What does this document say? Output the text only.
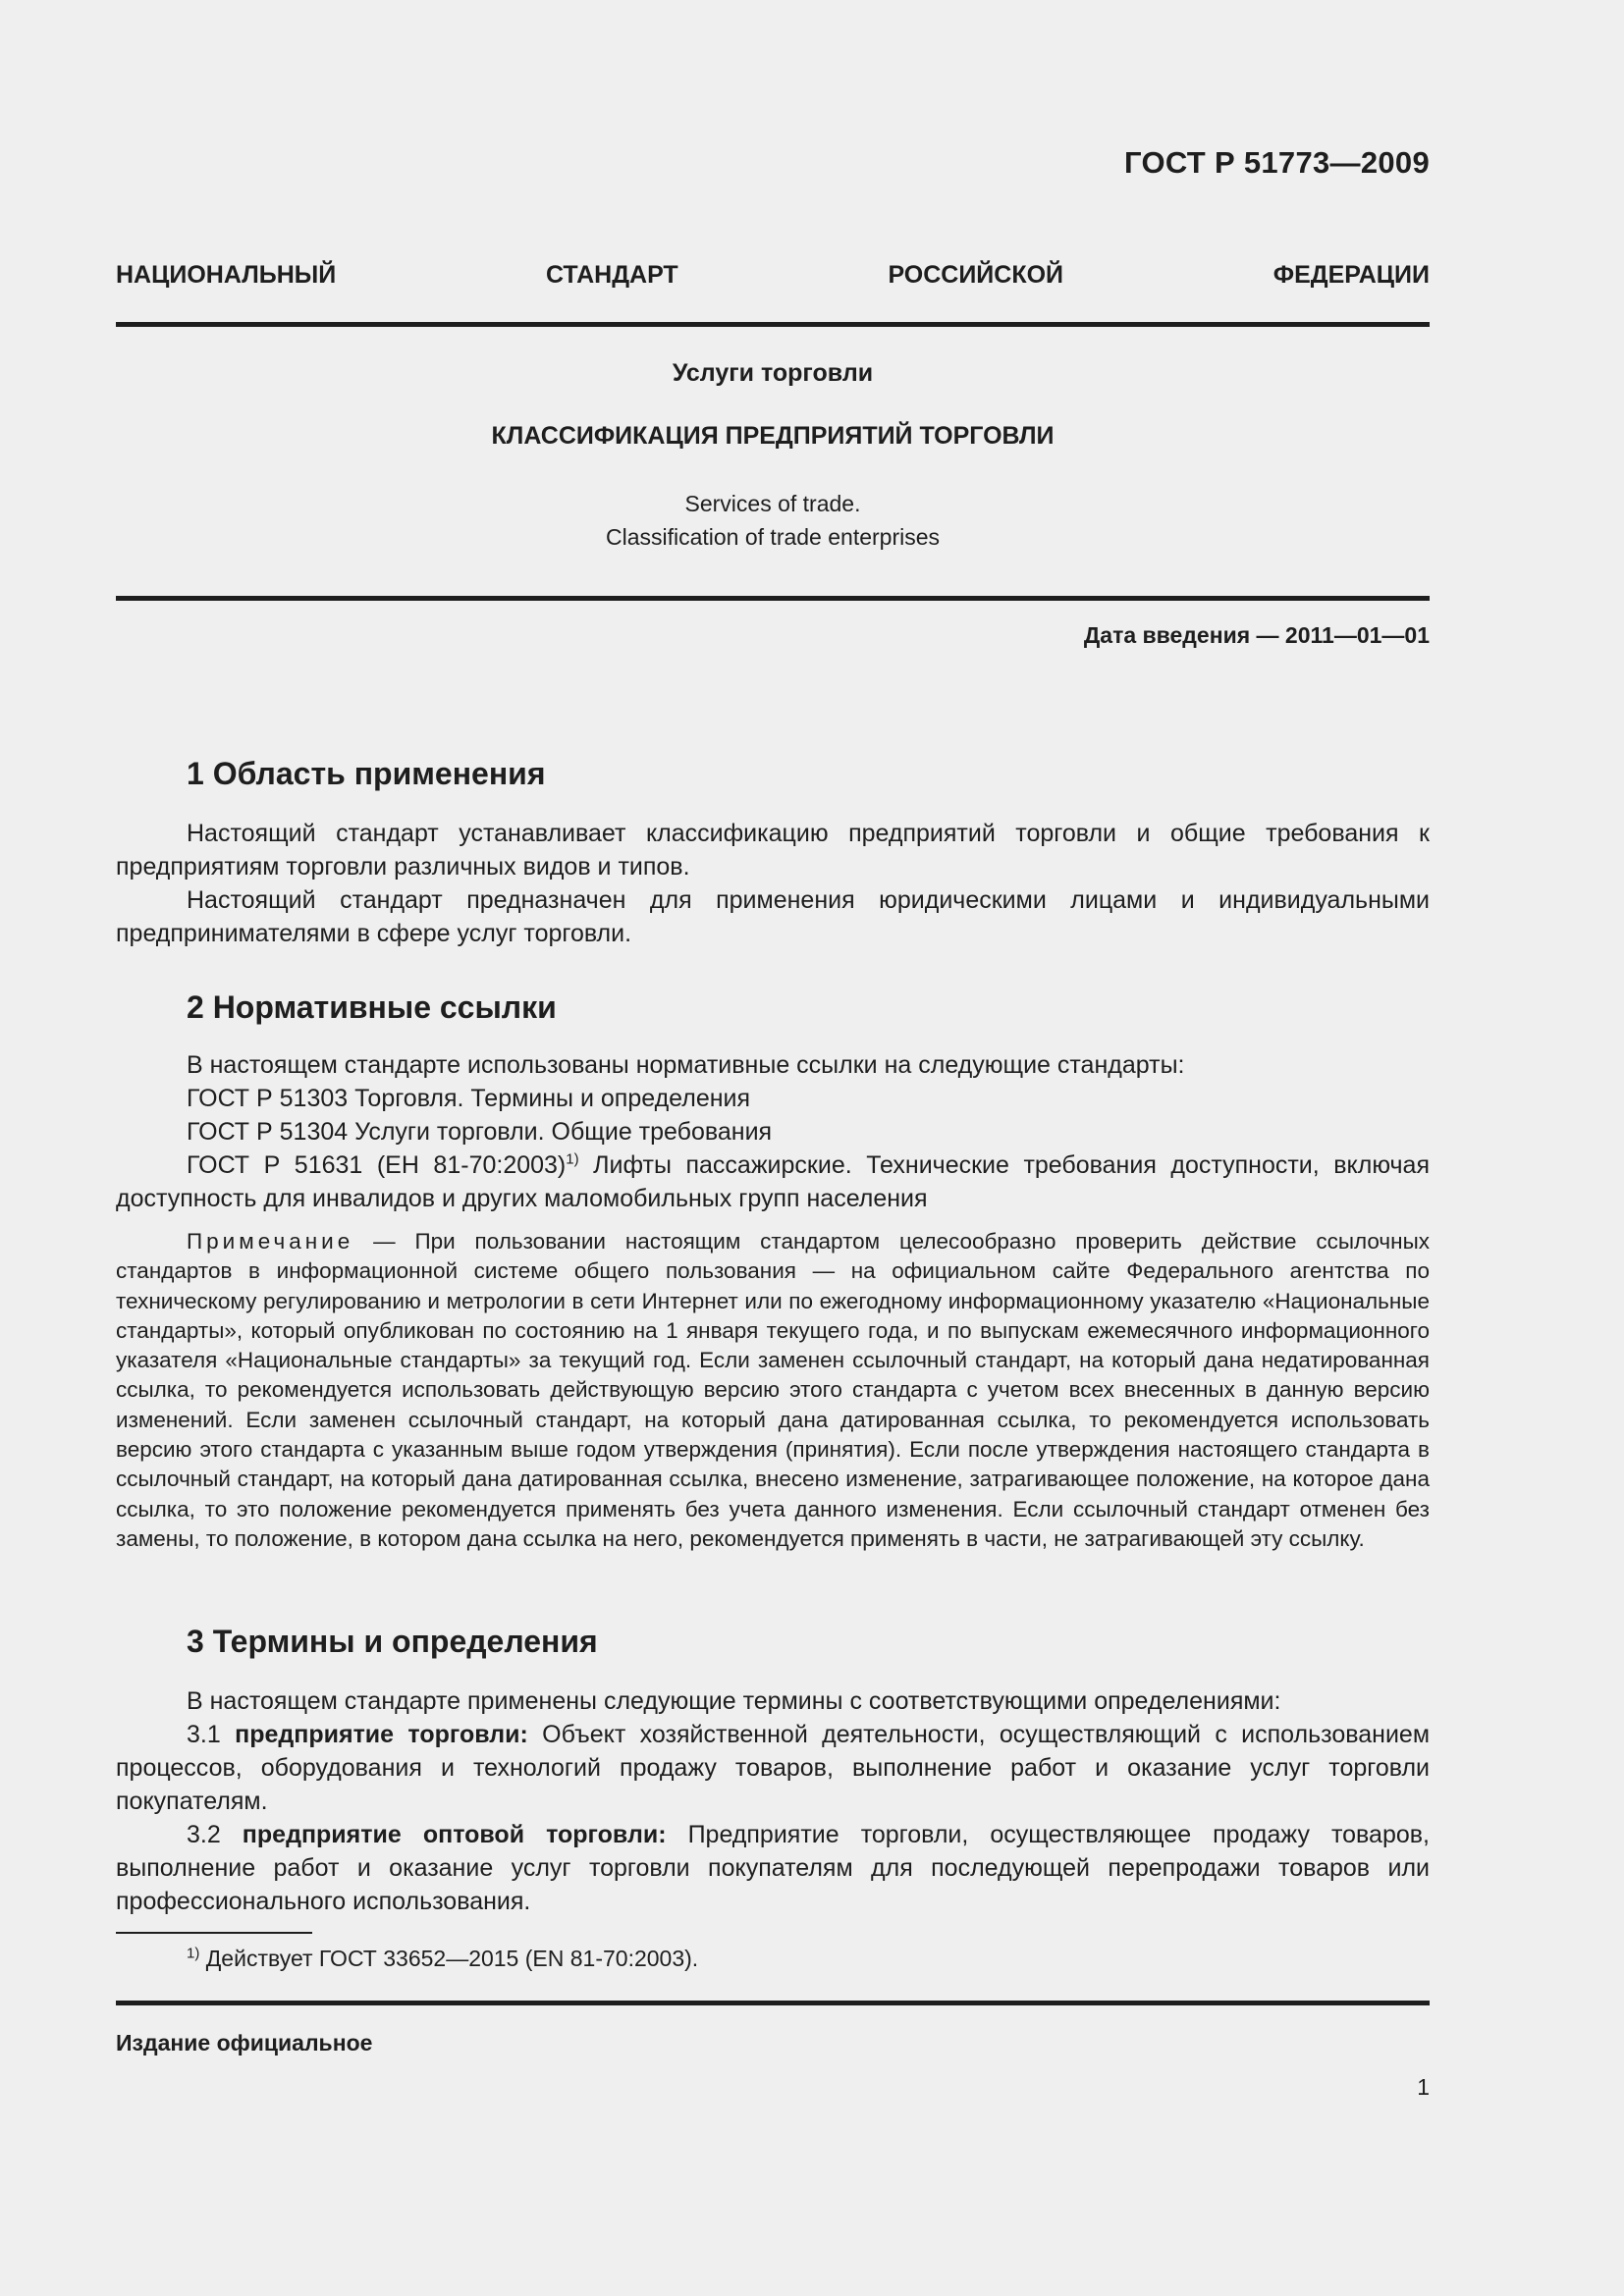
ГОСТ Р 51773—2009
НАЦИОНАЛЬНЫЙ СТАНДАРТ РОССИЙСКОЙ ФЕДЕРАЦИИ
Услуги торговли
КЛАССИФИКАЦИЯ ПРЕДПРИЯТИЙ ТОРГОВЛИ
Services of trade.
Classification of trade enterprises
Дата введения — 2011—01—01
1 Область применения

Настоящий стандарт устанавливает классификацию предприятий торговли и общие требования к предприятиям торговли различных видов и типов.

Настоящий стандарт предназначен для применения юридическими лицами и индивидуальными предпринимателями в сфере услуг торговли.

2 Нормативные ссылки

В настоящем стандарте использованы нормативные ссылки на следующие стандарты:

ГОСТ Р 51303 Торговля. Термины и определения

ГОСТ Р 51304 Услуги торговли. Общие требования

ГОСТ Р 51631 (ЕН 81-70:2003)$^{1)}$ Лифты пассажирские. Технические требования доступности, включая доступность для инвалидов и других маломобильных групп населения

Примечание — При пользовании настоящим стандартом целесообразно проверить действие ссылочных стандартов в информационной системе общего пользования — на официальном сайте Федерального агентства по техническому регулированию и метрологии в сети Интернет или по ежегодному информационному указателю «Национальные стандарты», который опубликован по состоянию на 1 января текущего года, и по выпускам ежемесячного информационного указателя «Национальные стандарты» за текущий год. Если заменен ссылочный стандарт, на который дана недатированная ссылка, то рекомендуется использовать действующую версию этого стандарта с учетом всех внесенных в данную версию изменений. Если заменен ссылочный стандарт, на который дана датированная ссылка, то рекомендуется использовать версию этого стандарта с указанным выше годом утверждения (принятия). Если после утверждения настоящего стандарта в ссылочный стандарт, на который дана датированная ссылка, внесено изменение, затрагивающее положение, на которое дана ссылка, то это положение рекомендуется применять без учета данного изменения. Если ссылочный стандарт отменен без замены, то положение, в котором дана ссылка на него, рекомендуется применять в части, не затрагивающей эту ссылку.

3 Термины и определения

В настоящем стандарте применены следующие термины с соответствующими определениями:

3.1 предприятие торговли: Объект хозяйственной деятельности, осуществляющий с использованием процессов, оборудования и технологий продажу товаров, выполнение работ и оказание услуг торговли покупателям.

3.2 предприятие оптовой торговли: Предприятие торговли, осуществляющее продажу товаров, выполнение работ и оказание услуг торговли покупателям для последующей перепродажи товаров или профессионального использования.

$^{1)}$ Действует ГОСТ 33652—2015 (EN 81-70:2003).
Издание официальное
1
